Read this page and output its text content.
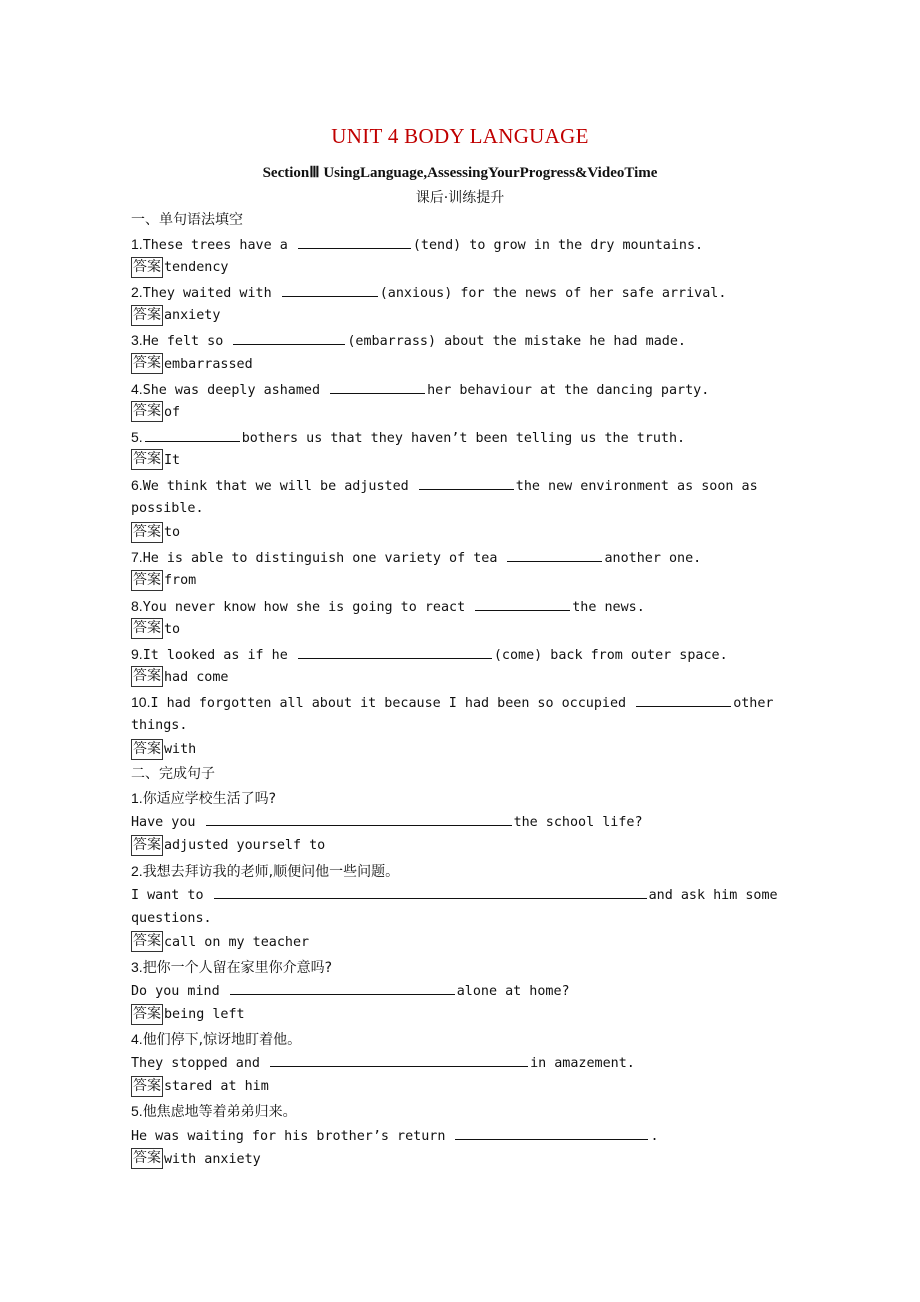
UNIT 4 BODY LANGUAGE
SectionⅢ UsingLanguage,AssessingYourProgress&VideoTime
课后·训练提升
一、单句语法填空
1.These trees have a	(tend) to grow in the dry mountains.
答案 tendency
2.They waited with	(anxious) for the news of her safe arrival.
答案 anxiety
3.He felt so	(embarrass) about the mistake he had made.
答案 embarrassed
4.She was deeply ashamed	her behaviour at the dancing party.
答案 of
5.	bothers us that they haven’t been telling us the truth.
答案 It
6.We think that we will be adjusted	the new environment as soon as
possible.
答案 to
7.He is able to distinguish one variety of tea	another one.
答案 from
8.You never know how she is going to react	the news.
答案 to
9.It looked as if he	(come) back from outer space.
答案 had come
10.I had forgotten all about it because I had been so occupied	other
things.
答案 with
二、完成句子
1.你适应学校生活了吗?
Have you	the school life?
答案 adjusted yourself to
2.我想去拜访我的老师,顺便问他一些问题。
I want to	and ask him some
questions.
答案 call on my teacher
3.把你一个人留在家里你介意吗?
Do you mind	alone at home?
答案 being left
4.他们停下,惊讶地盯着他。
They stopped and	in amazement.
答案 stared at him
5.他焦虑地等着弟弟归来。
He was waiting for his brother’s return	.
答案 with anxiety
